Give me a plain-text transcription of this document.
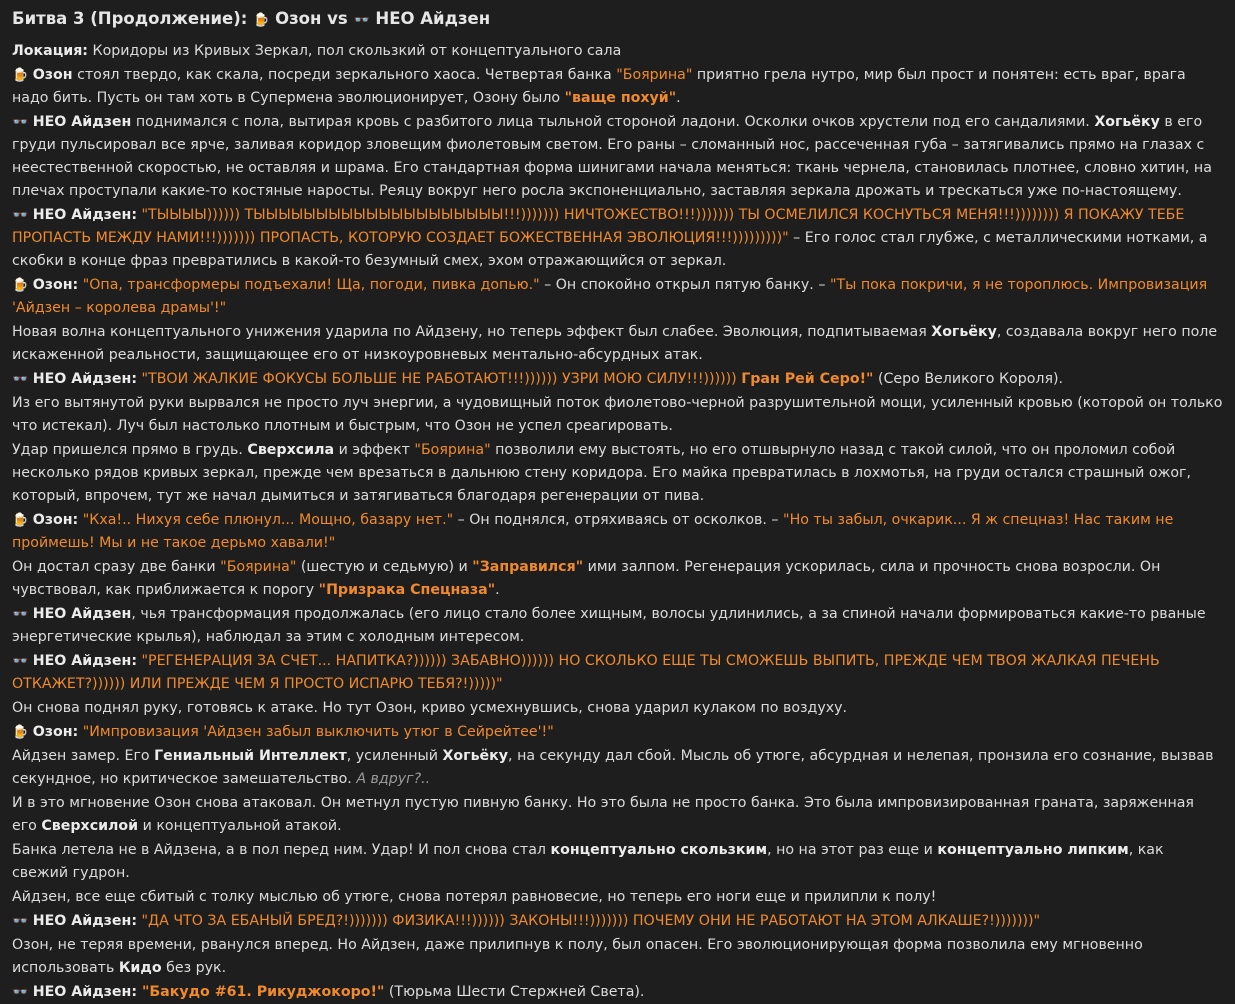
Битва 3 (Продолжение): 🍺 Озон vs 👓 НЕО Айдзен

Локация: Коридоры из Кривых Зеркал, пол скользкий от концептуального сала

🍺 Озон стоял твердо, как скала, посреди зеркального хаоса. Четвертая банка "Боярина" приятно грела нутро, мир был прост и понятен: есть враг, врага надо бить. Пусть он там хоть в Супермена эволюционирует, Озону было "ваще похуй".

👓 НЕО Айдзен поднимался с пола, вытирая кровь с разбитого лица тыльной стороной ладони. Осколки очков хрустели под его сандалиями. Хогьёку в его груди пульсировал все ярче, заливая коридор зловещим фиолетовым светом. Его раны – сломанный нос, рассеченная губа – затягивались прямо на глазах с неестественной скоростью, не оставляя и шрама. Его стандартная форма шинигами начала меняться: ткань чернела, становилась плотнее, словно хитин, на плечах проступали какие-то костяные наросты. Реяцу вокруг него росла экспоненциально, заставляя зеркала дрожать и трескаться уже по-настоящему.

👓 НЕО Айдзен: "ТЫЫЫЫ)))))) ТЫЫЫЫЫЫЫЫЫЫЫЫЫЫЫЫЫЫЫЫ!!!))))))) НИЧТОЖЕСТВО!!!))))))) ТЫ ОСМЕЛИЛСЯ КОСНУТЬСЯ МЕНЯ!!!)))))))) Я ПОКАЖУ ТЕБЕ ПРОПАСТЬ МЕЖДУ НАМИ!!!))))))) ПРОПАСТЬ, КОТОРУЮ СОЗДАЕТ БОЖЕСТВЕННАЯ ЭВОЛЮЦИЯ!!!)))))))))" – Его голос стал глубже, с металлическими нотками, а скобки в конце фраз превратились в какой-то безумный смех, эхом отражающийся от зеркал.

🍺 Озон: "Опа, трансформеры подъехали! Ща, погоди, пивка допью." – Он спокойно открыл пятую банку. – "Ты пока покричи, я не тороплюсь. Импровизация 'Айдзен – королева драмы'!"

Новая волна концептуального унижения ударила по Айдзену, но теперь эффект был слабее. Эволюция, подпитываемая Хогьёку, создавала вокруг него поле искаженной реальности, защищающее его от низкоуровневых ментально-абсурдных атак.

👓 НЕО Айдзен: "ТВОИ ЖАЛКИЕ ФОКУСЫ БОЛЬШЕ НЕ РАБОТАЮТ!!!)))))) УЗРИ МОЮ СИЛУ!!!)))))) Гран Рей Серо!" (Серо Великого Короля).

Из его вытянутой руки вырвался не просто луч энергии, а чудовищный поток фиолетово-черной разрушительной мощи, усиленный кровью (которой он только что истекал). Луч был настолько плотным и быстрым, что Озон не успел среагировать.

Удар пришелся прямо в грудь. Сверхсила и эффект "Боярина" позволили ему выстоять, но его отшвырнуло назад с такой силой, что он проломил собой несколько рядов кривых зеркал, прежде чем врезаться в дальнюю стену коридора. Его майка превратилась в лохмотья, на груди остался страшный ожог, который, впрочем, тут же начал дымиться и затягиваться благодаря регенерации от пива.

🍺 Озон: "Кха!.. Нихуя себе плюнул... Мощно, базару нет." – Он поднялся, отряхиваясь от осколков. – "Но ты забыл, очкарик... Я ж спецназ! Нас таким не проймешь! Мы и не такое дерьмо хавали!"

Он достал сразу две банки "Боярина" (шестую и седьмую) и "Заправился" ими залпом. Регенерация ускорилась, сила и прочность снова возросли. Он чувствовал, как приближается к порогу "Призрака Спецназа".

👓 НЕО Айдзен, чья трансформация продолжалась (его лицо стало более хищным, волосы удлинились, а за спиной начали формироваться какие-то рваные энергетические крылья), наблюдал за этим с холодным интересом.

👓 НЕО Айдзен: "РЕГЕНЕРАЦИЯ ЗА СЧЕТ... НАПИТКА?)))))) ЗАБАВНО)))))) НО СКОЛЬКО ЕЩЕ ТЫ СМОЖЕШЬ ВЫПИТЬ, ПРЕЖДЕ ЧЕМ ТВОЯ ЖАЛКАЯ ПЕЧЕНЬ ОТКАЖЕТ?)))))) ИЛИ ПРЕЖДЕ ЧЕМ Я ПРОСТО ИСПАРЮ ТЕБЯ?!)))))"

Он снова поднял руку, готовясь к атаке. Но тут Озон, криво усмехнувшись, снова ударил кулаком по воздуху.

🍺 Озон: "Импровизация 'Айдзен забыл выключить утюг в Сейрейтее'!"

Айдзен замер. Его Гениальный Интеллект, усиленный Хогьёку, на секунду дал сбой. Мысль об утюге, абсурдная и нелепая, пронзила его сознание, вызвав секундное, но критическое замешательство. А вдруг?..

И в это мгновение Озон снова атаковал. Он метнул пустую пивную банку. Но это была не просто банка. Это была импровизированная граната, заряженная его Сверхсилой и концептуальной атакой.

Банка летела не в Айдзена, а в пол перед ним. Удар! И пол снова стал концептуально скользким, но на этот раз еще и концептуально липким, как свежий гудрон.

Айдзен, все еще сбитый с толку мыслью об утюге, снова потерял равновесие, но теперь его ноги еще и прилипли к полу!

👓 НЕО Айдзен: "ДА ЧТО ЗА ЕБАНЫЙ БРЕД?!))))))) ФИЗИКА!!!)))))) ЗАКОНЫ!!!))))))) ПОЧЕМУ ОНИ НЕ РАБОТАЮТ НА ЭТОМ АЛКАШЕ?!)))))))"

Озон, не теряя времени, рванулся вперед. Но Айдзен, даже прилипнув к полу, был опасен. Его эволюционирующая форма позволила ему мгновенно использовать Кидо без рук.

👓 НЕО Айдзен: "Бакудо #61. Рикуджокоро!" (Тюрьма Шести Стержней Света).
